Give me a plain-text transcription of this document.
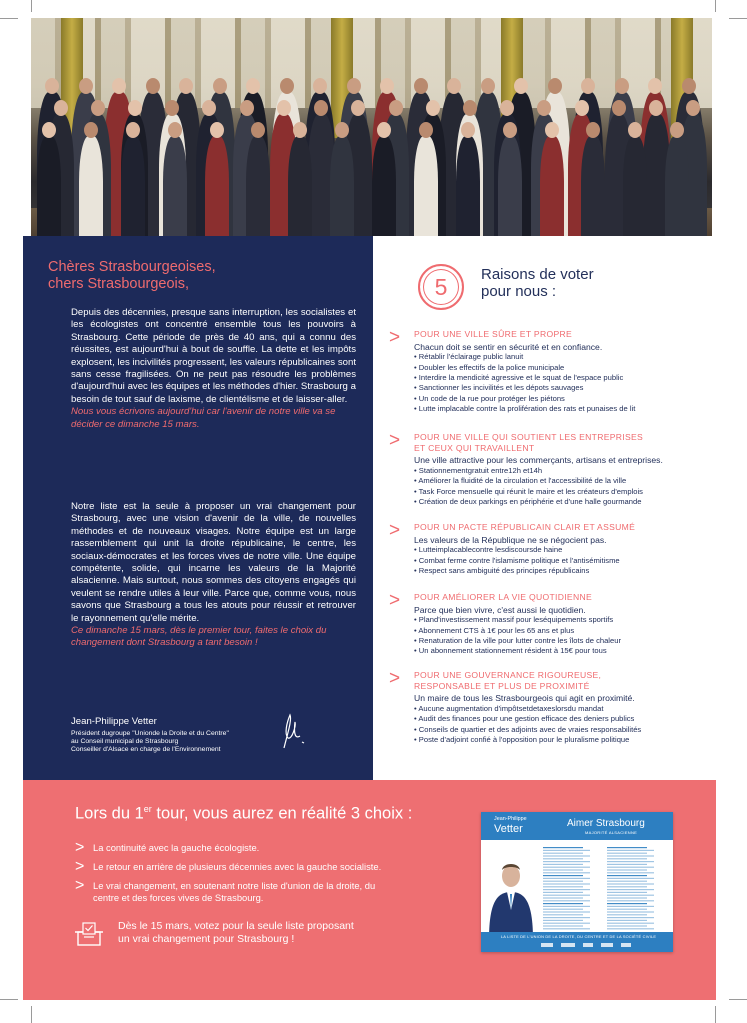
Chères Strasbourgeoises,
chers Strasbourgeois,
Depuis des décennies, presque sans interruption, les socialistes et les écologistes ont concentré ensemble tous les pouvoirs à Strasbourg. Cette période de près de 40 ans, qui a connu des réussites, est aujourd'hui à bout de souffle. La dette et les impôts explosent, les incivilités progressent, les valeurs républicaines sont sans cesse fragilisées. On ne peut pas résoudre les problèmes d'aujourd'hui avec les équipes et les méthodes d'hier. Strasbourg a besoin de tout sauf de laxisme, de clientélisme et de laisser-aller.
Nous vous écrivons aujourd'hui car l'avenir de notre ville va se décider ce dimanche 15 mars.
Notre liste est la seule à proposer un vrai changement pour Strasbourg, avec une vision d'avenir de la ville, de nouvelles méthodes et de nouveaux visages. Notre équipe est un large rassemblement qui unit la droite républicaine, le centre, les sociaux-démocrates et les forces vives de notre ville. Une équipe compétente, solide, qui incarne les valeurs de la Majorité alsacienne. Mais surtout, nous sommes des citoyens engagés qui veulent se rendre utiles à leur ville. Parce que, comme vous, nous savons que Strasbourg a tous les atouts pour réussir et retrouver le rayonnement qu'elle mérite.
Ce dimanche 15 mars, dès le premier tour, faites le choix du changement dont Strasbourg a tant besoin !
Jean-Philippe Vetter
Président dugroupe "Unionde la Droite et du Centre"
au Conseil municipal de Strasbourg
Conseiller d'Alsace en charge de l'Environnement
5	Raisons de voter
pour nous :
> POUR UNE VILLE SÛRE ET PROPRE
Chacun doit se sentir en sécurité et en confiance.
• Rétablir l'éclairage public lanuit
• Doubler les effectifs de la police municipale
• Interdire la mendicité agressive et le squat de l'espace public
• Sanctionner les incivilités et les dépots sauvages
• Un code de la rue pour protéger les piétons
• Lutte implacable contre la prolifération des rats et punaises de lit
> POUR UNE VILLE QUI SOUTIENT LES ENTREPRISES
ET CEUX QUI TRAVAILLENT
Une ville attractive pour les commerçants, artisans et entreprises.
• Stationnementgratuit entre12h et14h
• Améliorer la fluidité de la circulation et l'accessibilité de la ville
• Task Force mensuelle qui réunit le maire et les créateurs d'emplois
• Création de deux parkings en périphérie et d'une halle gourmande
> POUR UN PACTE RÉPUBLICAIN CLAIR ET ASSUMÉ
Les valeurs de la République ne se négocient pas.
• Lutteimplacablecontre lesdiscoursde haine
• Combat ferme contre l'islamisme politique et l'antisémitisme
• Respect sans ambiguité des principes républicains
> POUR AMÉLIORER LA VIE QUOTIDIENNE
Parce que bien vivre, c'est aussi le quotidien.
• Pland'investissement massif pour leséquipements sportifs
• Abonnement CTS à 1€ pour les 65 ans et plus
• Renaturation de la ville pour lutter contre les îlots de chaleur
• Un abonnement stationnement résident à 15€ pour tous
> POUR UNE GOUVERNANCE RIGOUREUSE,
RESPONSABLE ET PLUS DE PROXIMITÉ
Un maire de tous les Strasbourgeois qui agit en proximité.
• Aucune augmentation d'impôtsetdetaxeslorsdu mandat
• Audit des finances pour une gestion efficace des deniers publics
• Conseils de quartier et des adjoints avec de vraies responsabilités
• Poste d'adjoint confié à l'opposition pour le pluralisme politique
Lors du 1er tour, vous aurez en réalité 3 choix :
> La continuité avec la gauche écologiste.
> Le retour en arrière de plusieurs décennies avec la gauche socialiste.
> Le vrai changement, en soutenant notre liste d'union de la droite, du centre et des forces vives de Strasbourg.
Dès le 15 mars, votez pour la seule liste proposant
un vrai changement pour Strasbourg !
Jean-Philippe
Vetter	Aimer Strasbourg
MAJORITÉ ALSACIENNE
LA LISTE DE L'UNION DE LA DROITE, DU CENTRE ET DE LA SOCIÉTÉ CIVILE
